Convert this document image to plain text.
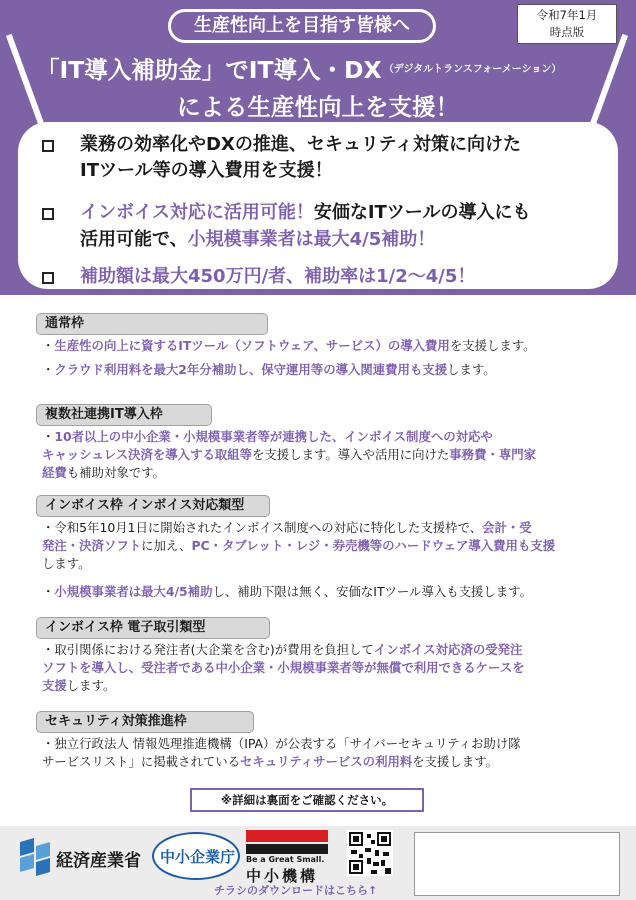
生産性向上を目指す皆様へ	令和7年1月
時点版
「IT導入補助金」でIT導入・DX $^{(デジタルトランスフォーメーション)}$
による生産性向上を支援！
業務の効率化やDXの推進、セキュリティ対策に向けた
ITツール等の導入費用を支援！
インボイス対応に活用可能！安価なITツールの導入にも
活用可能で、小規模事業者は最大4/5補助！
補助額は最大450万円/者、補助率は1/2～4/5！
通常枠
・生産性の向上に資するITツール（ソフトウェア、サービス）の導入費用を支援します。
・クラウド利用料を最大2年分補助し、保守運用等の導入関連費用も支援します。
複数社連携IT導入枠
・10者以上の中小企業・小規模事業者等が連携した、インボイス制度への対応や
キャッシュレス決済を導入する取組等を支援します。導入や活用に向けた事務費・専門家
経費も補助対象です。
インボイス枠 インボイス対応類型
・令和5年10月1日に開始されたインボイス制度への対応に特化した支援枠で、会計・受
発注・決済ソフトに加え、PC・タブレット・レジ・券売機等のハードウェア導入費用も支援
します。
・小規模事業者は最大4/5補助し、補助下限は無く、安価なITツール導入も支援します。
インボイス枠 電子取引類型
・取引関係における発注者(大企業を含む)が費用を負担してインボイス対応済の受発注
ソフトを導入し、受注者である中小企業・小規模事業者等が無償で利用できるケースを
支援します。
セキュリティ対策推進枠
・独立行政法人 情報処理推進機構（IPA）が公表する「サイバーセキュリティお助け隊
サービスリスト」に掲載されているセキュリティサービスの利用料を支援します。
※詳細は裏面をご確認ください。
経済産業省 中小企業庁 Be a Great Small.
中小機構
チラシのダウンロードはこちら↑
